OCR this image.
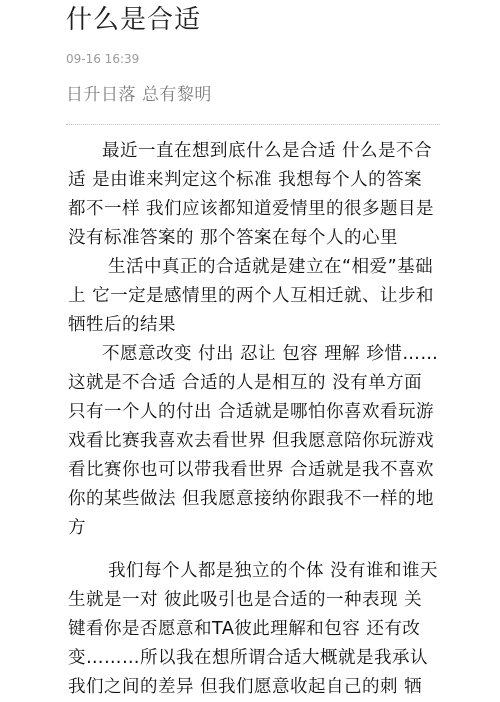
什么是合适
09-16 16:39
日升日落 总有黎明
最近一直在想到底什么是合适 什么是不合
适 是由谁来判定这个标准 我想每个人的答案
都不一样 我们应该都知道爱情里的很多题目是
没有标准答案的 那个答案在每个人的心里
生活中真正的合适就是建立在“相爱”基础
上 它一定是感情里的两个人互相迁就、让步和
牺牲后的结果
不愿意改变 付出 忍让 包容 理解 珍惜……
这就是不合适 合适的人是相互的 没有单方面
只有一个人的付出 合适就是哪怕你喜欢看玩游
戏看比赛我喜欢去看世界 但我愿意陪你玩游戏
看比赛你也可以带我看世界 合适就是我不喜欢
你的某些做法 但我愿意接纳你跟我不一样的地
方
我们每个人都是独立的个体 没有谁和谁天
生就是一对 彼此吸引也是合适的一种表现 关
键看你是否愿意和TA彼此理解和包容 还有改
变………所以我在想所谓合适大概就是我承认
我们之间的差异 但我们愿意收起自己的刺 牺
